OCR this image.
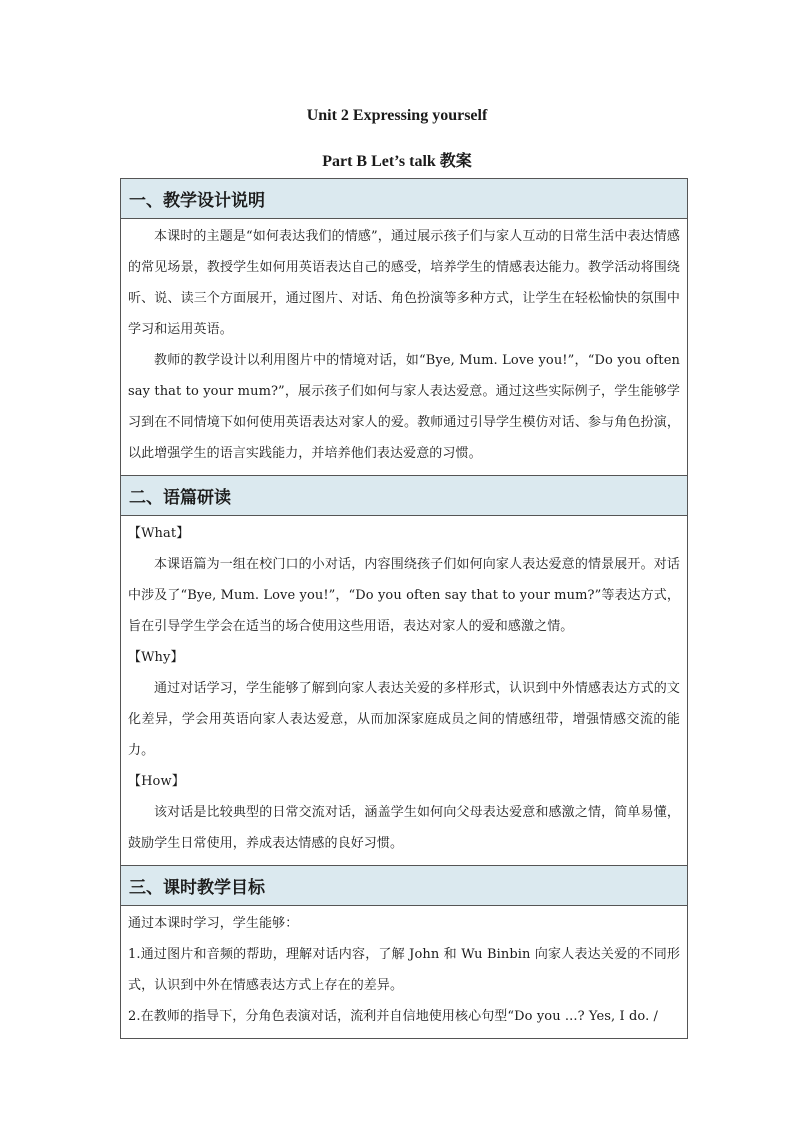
Unit 2 Expressing yourself
Part B Let’s talk 教案
一、教学设计说明

本课时的主题是“如何表达我们的情感”，通过展示孩子们与家人互动的日常生活中表达情感的常见场景，教授学生如何用英语表达自己的感受，培养学生的情感表达能力。教学活动将围绕听、说、读三个方面展开，通过图片、对话、角色扮演等多种方式，让学生在轻松愉快的氛围中学习和运用英语。

教师的教学设计以利用图片中的情境对话，如“Bye, Mum. Love you!”，“Do you often say that to your mum?”，展示孩子们如何与家人表达爱意。通过这些实际例子，学生能够学习到在不同情境下如何使用英语表达对家人的爱。教师通过引导学生模仿对话、参与角色扮演，以此增强学生的语言实践能力，并培养他们表达爱意的习惯。

二、语篇研读

【What】

本课语篇为一组在校门口的小对话，内容围绕孩子们如何向家人表达爱意的情景展开。对话中涉及了“Bye, Mum. Love you!”，“Do you often say that to your mum?”等表达方式，旨在引导学生学会在适当的场合使用这些用语，表达对家人的爱和感激之情。

【Why】

通过对话学习，学生能够了解到向家人表达关爱的多样形式，认识到中外情感表达方式的文化差异，学会用英语向家人表达爱意，从而加深家庭成员之间的情感纽带，增强情感交流的能力。

【How】

该对话是比较典型的日常交流对话，涵盖学生如何向父母表达爱意和感激之情，简单易懂，鼓励学生日常使用，养成表达情感的良好习惯。

三、课时教学目标

通过本课时学习，学生能够：

1.通过图片和音频的帮助，理解对话内容，了解 John 和 Wu Binbin 向家人表达关爱的不同形式，认识到中外在情感表达方式上存在的差异。

2.在教师的指导下，分角色表演对话，流利并自信地使用核心句型“Do you ...? Yes, I do. /
